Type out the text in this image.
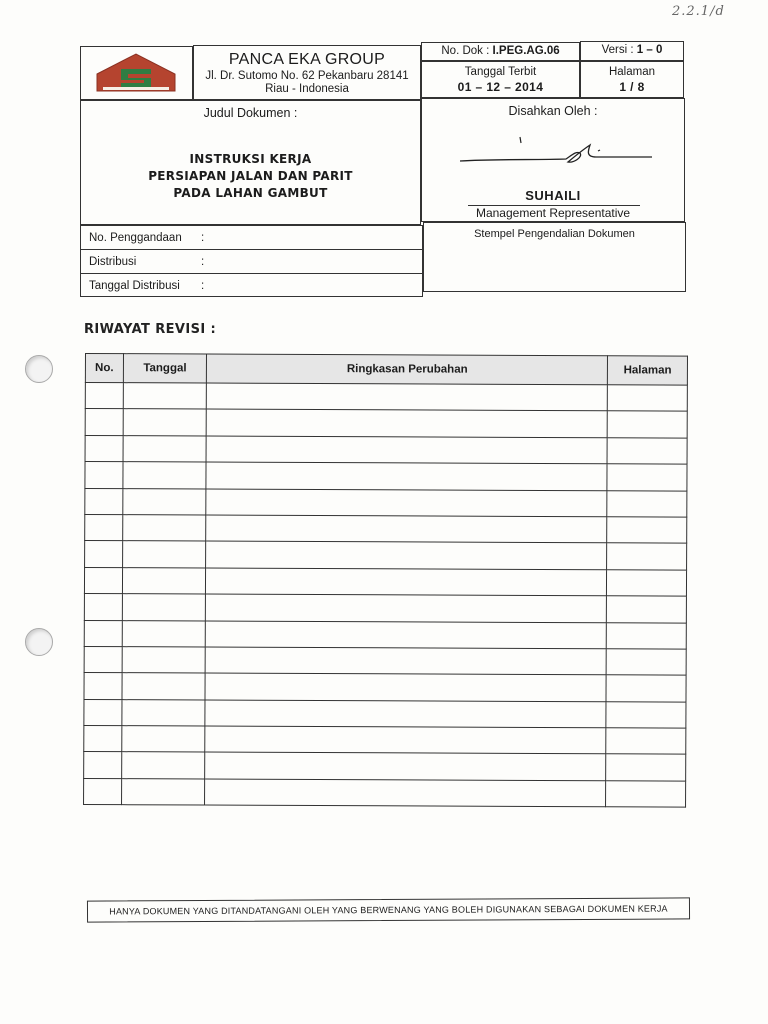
2.2.1/d
PANCA EKA GROUP
Jl. Dr. Sutomo No. 62 Pekanbaru 28141
Riau - Indonesia
No. Dok : I.PEG.AG.06	Versi : 1 – 0
Tanggal Terbit
01 – 12 – 2014
Halaman
1 / 8
Judul Dokumen :
INSTRUKSI KERJA
PERSIAPAN JALAN DAN PARIT
PADA LAHAN GAMBUT
Disahkan Oleh :
SUHAILI
Management Representative
No. Penggandaan :
Distribusi	:
Tanggal Distribusi :
Stempel Pengendalian Dokumen
RIWAYAT REVISI :
No.	Tanggal	Ringkasan Perubahan	Halaman

HANYA DOKUMEN YANG DITANDATANGANI OLEH YANG BERWENANG YANG BOLEH DIGUNAKAN SEBAGAI DOKUMEN KERJA
